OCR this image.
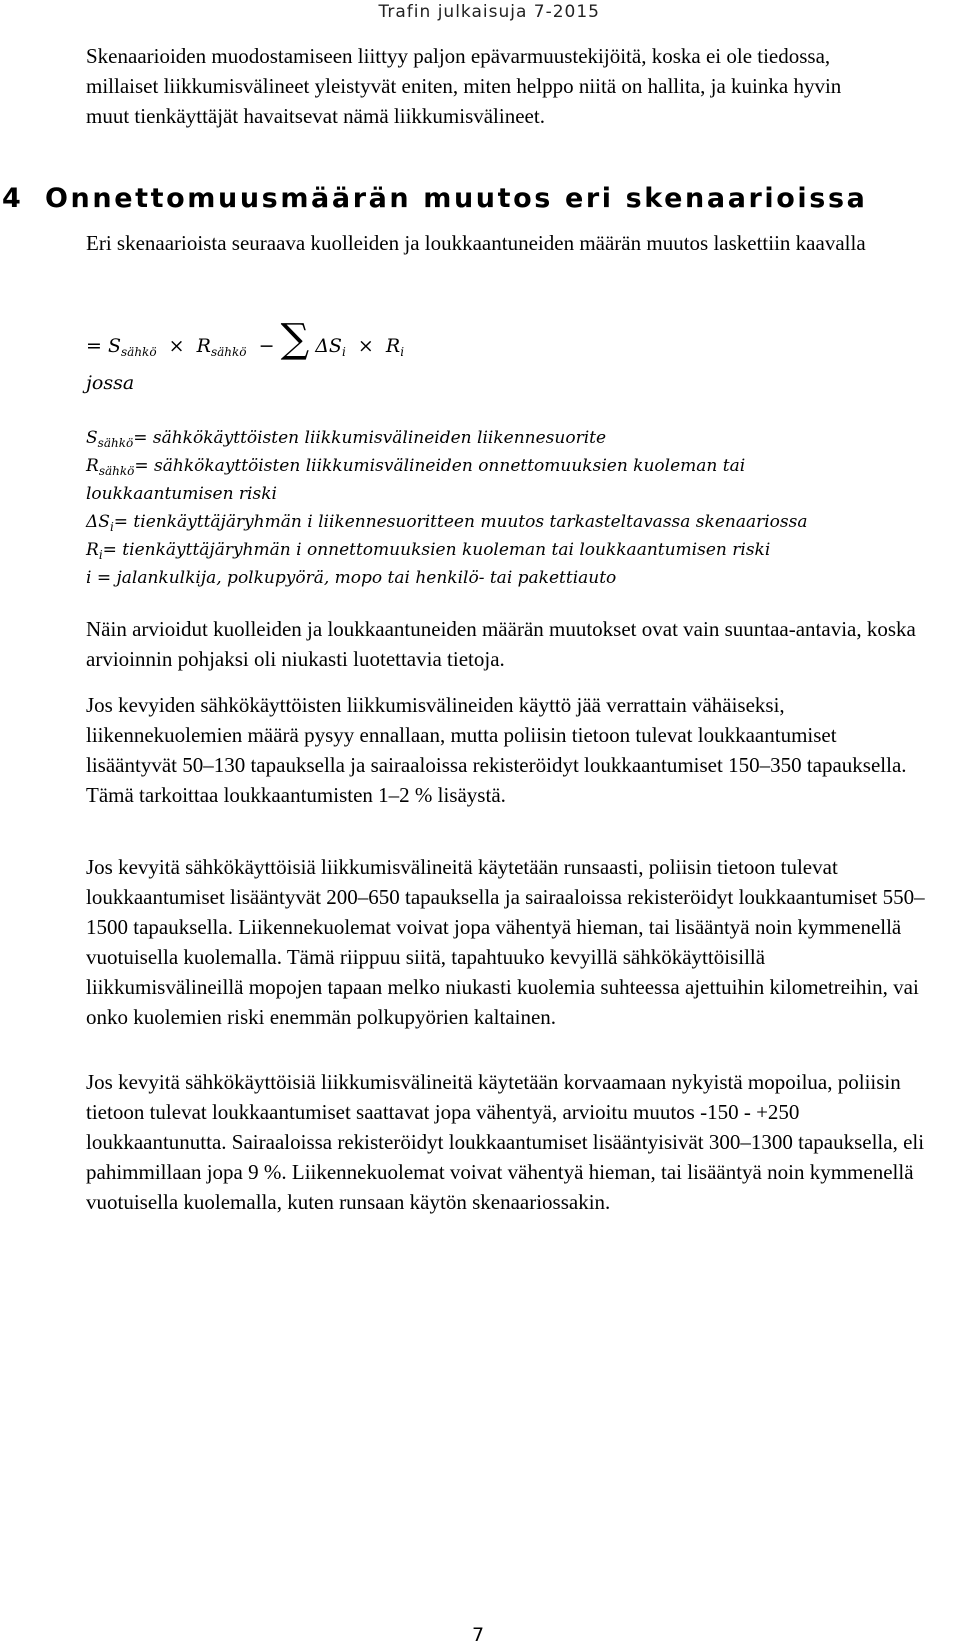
Trafin julkaisuja 7-2015

Skenaarioiden muodostamiseen liittyy paljon epävarmuustekijöitä, koska ei ole tiedossa, millaiset liikkumisvälineet yleistyvät eniten, miten helppo niitä on hallita, ja kuinka hyvin muut tienkäyttäjät havaitsevat nämä liikkumisvälineet.

Eri skenaarioista seuraava kuolleiden ja loukkaantuneiden määrän muutos laskettiin kaavalla

= $S_{sähkö} \times R_{sähkö}$ − ∑ $\Delta S_i \times R_i$
jossa
$S_{sähkö}=$ sähkökäyttöisten liikkumisvälineiden liikennesuorite
$R_{sähkö}=$ sähkökayttöisten liikkumisvälineiden onnettomuuksien kuoleman tai
loukkaantumisen riski
$\Delta S_i=$ tienkäyttäjäryhmän i liikennesuoritteen muutos tarkasteltavassa skenaariossa
$R_i=$ tienkäyttäjäryhmän i onnettomuuksien kuoleman tai loukkaantumisen riski
i = jalankulkija, polkupyörä, mopo tai henkilö- tai pakettiauto

Näin arvioidut kuolleiden ja loukkaantuneiden määrän muutokset ovat vain suuntaa-antavia, koska arvioinnin pohjaksi oli niukasti luotettavia tietoja.

Jos kevyiden sähkökäyttöisten liikkumisvälineiden käyttö jää verrattain vähäiseksi, liikennekuolemien määrä pysyy ennallaan, mutta poliisin tietoon tulevat loukkaantumiset lisääntyvät 50–130 tapauksella ja sairaaloissa rekisteröidyt loukkaantumiset 150–350 tapauksella. Tämä tarkoittaa loukkaantumisten 1–2 % lisäystä.

Jos kevyitä sähkökäyttöisiä liikkumisvälineitä käytetään runsaasti, poliisin tietoon tulevat loukkaantumiset lisääntyvät 200–650 tapauksella ja sairaaloissa rekisteröidyt loukkaantumiset 550–1500 tapauksella. Liikennekuolemat voivat jopa vähentyä hieman, tai lisääntyä noin kymmenellä vuotuisella kuolemalla. Tämä riippuu siitä, tapahtuuko kevyillä sähkökäyttöisillä liikkumisvälineillä mopojen tapaan melko niukasti kuolemia suhteessa ajettuihin kilometreihin, vai onko kuolemien riski enemmän polkupyörien kaltainen.

Jos kevyitä sähkökäyttöisiä liikkumisvälineitä käytetään korvaamaan nykyistä mopoilua, poliisin tietoon tulevat loukkaantumiset saattavat jopa vähentyä, arvioitu muutos -150 - +250 loukkaantunutta. Sairaaloissa rekisteröidyt loukkaantumiset lisääntyisivät 300–1300 tapauksella, eli pahimmillaan jopa 9 %. Liikennekuolemat voivat vähentyä hieman, tai lisääntyä noin kymmenellä vuotuisella kuolemalla, kuten runsaan käytön skenaariossakin.

4 Onnettomuusmäärän muutos eri skenaarioissa
7
